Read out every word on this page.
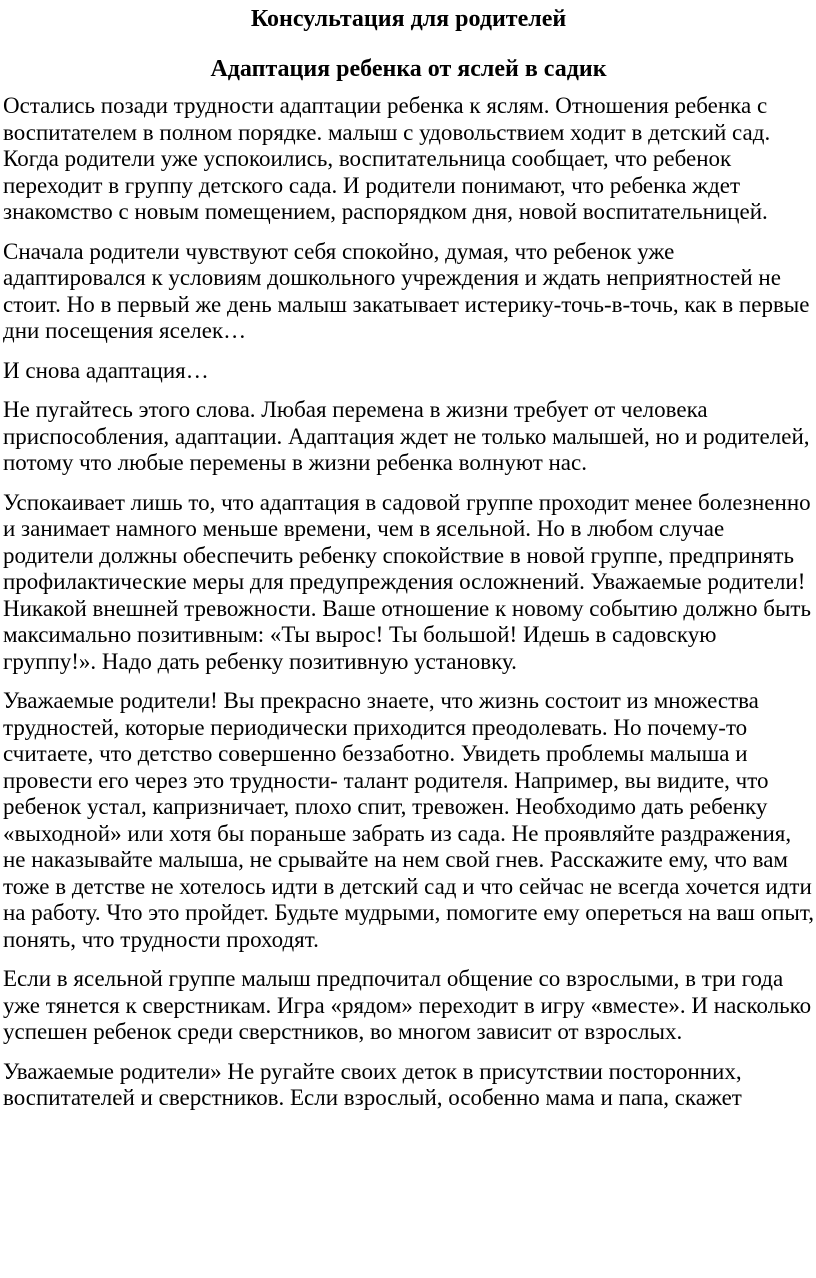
Консультация для родителей
Адаптация ребенка от яслей в садик

Остались позади трудности адаптации ребенка к яслям. Отношения ребенка с воспитателем в полном порядке. малыш с удовольствием ходит в детский сад. Когда родители уже успокоились, воспитательница сообщает, что ребенок переходит в группу детского сада. И родители понимают, что ребенка ждет знакомство с новым помещением, распорядком дня, новой воспитательницей.

Сначала родители чувствуют себя спокойно, думая, что ребенок уже адаптировался к условиям дошкольного учреждения и ждать неприятностей не стоит. Но в первый же день малыш закатывает истерику-точь-в-точь, как в первые дни посещения яселек…

И снова адаптация…

Не пугайтесь этого слова. Любая перемена в жизни требует от человека приспособления, адаптации. Адаптация ждет не только малышей, но и родителей, потому что любые перемены в жизни ребенка волнуют нас.

Успокаивает лишь то, что адаптация в садовой группе проходит менее болезненно и занимает намного меньше времени, чем в ясельной. Но в любом случае родители должны обеспечить ребенку спокойствие в новой группе, предпринять профилактические меры для предупреждения осложнений. Уважаемые родители! Никакой внешней тревожности. Ваше отношение к новому событию должно быть максимально позитивным: «Ты вырос! Ты большой! Идешь в садовскую группу!». Надо дать ребенку позитивную установку.

Уважаемые родители! Вы прекрасно знаете, что жизнь состоит из множества трудностей, которые периодически приходится преодолевать. Но почему-то считаете, что детство совершенно беззаботно. Увидеть проблемы малыша и провести его через это трудности- талант родителя. Например, вы видите, что ребенок устал, капризничает, плохо спит, тревожен. Необходимо дать ребенку «выходной» или хотя бы пораньше забрать из сада. Не проявляйте раздражения, не наказывайте малыша, не срывайте на нем свой гнев. Расскажите ему, что вам тоже в детстве не хотелось идти в детский сад и что сейчас не всегда хочется идти на работу. Что это пройдет. Будьте мудрыми, помогите ему опереться на ваш опыт, понять, что трудности проходят.

Если в ясельной группе малыш предпочитал общение со взрослыми, в три года уже тянется к сверстникам. Игра «рядом» переходит в игру «вместе». И насколько успешен ребенок среди сверстников, во многом зависит от взрослых.

Уважаемые родители» Не ругайте своих деток в присутствии посторонних, воспитателей и сверстников. Если взрослый, особенно мама и папа, скажет
